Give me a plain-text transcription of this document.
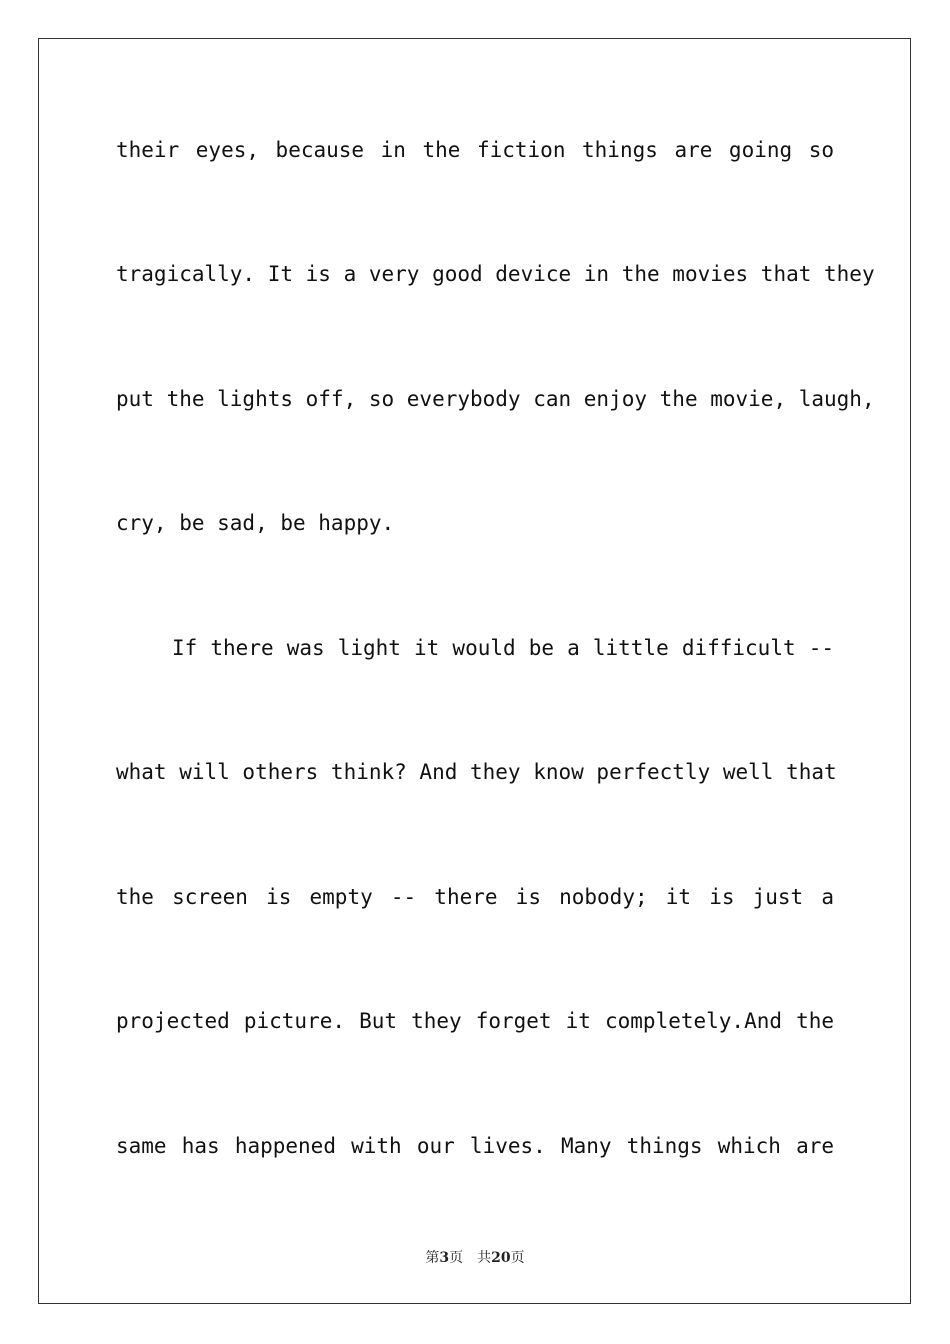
their eyes, because in the fiction things are going so
tragically. It is a very good device in the movies that they
put the lights off, so everybody can enjoy the movie, laugh,
cry, be sad, be happy.
If there was light it would be a little difficult --
what will others think? And they know perfectly well that
the screen is empty -- there is nobody; it is just a
projected picture. But they forget it completely.And the
same has happened with our lives. Many things which are
第3页 共20页
